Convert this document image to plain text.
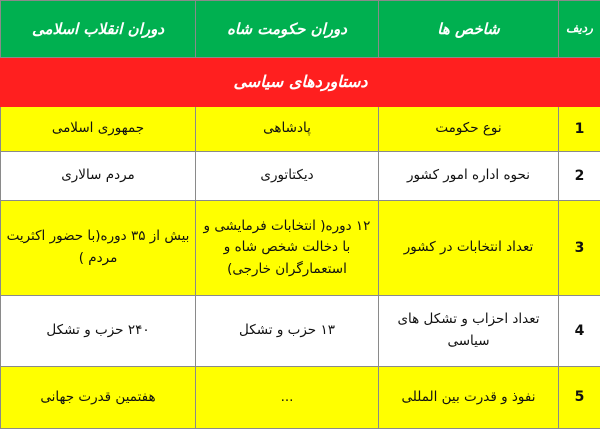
ردیف	شاخص ها	دوران حکومت شاه	دوران انقلاب اسلامی
دستاوردهای سیاسی			
1	نوع حکومت	پادشاهی	جمهوری اسلامی
2	نحوه اداره امور کشور	دیکتاتوری	مردم سالاری
3	تعداد انتخابات در کشور	۱۲ دوره( انتخابات فرمایشی و با دخالت شخص شاه و استعمارگران خارجی)	بیش از ۳۵ دوره(با حضور اکثریت مردم )
4	تعداد احزاب و تشکل های سیاسی	۱۳ حزب و تشکل	۲۴۰ حزب و تشکل
5	نفوذ و قدرت بین المللی	...	هفتمین قدرت جهانی
